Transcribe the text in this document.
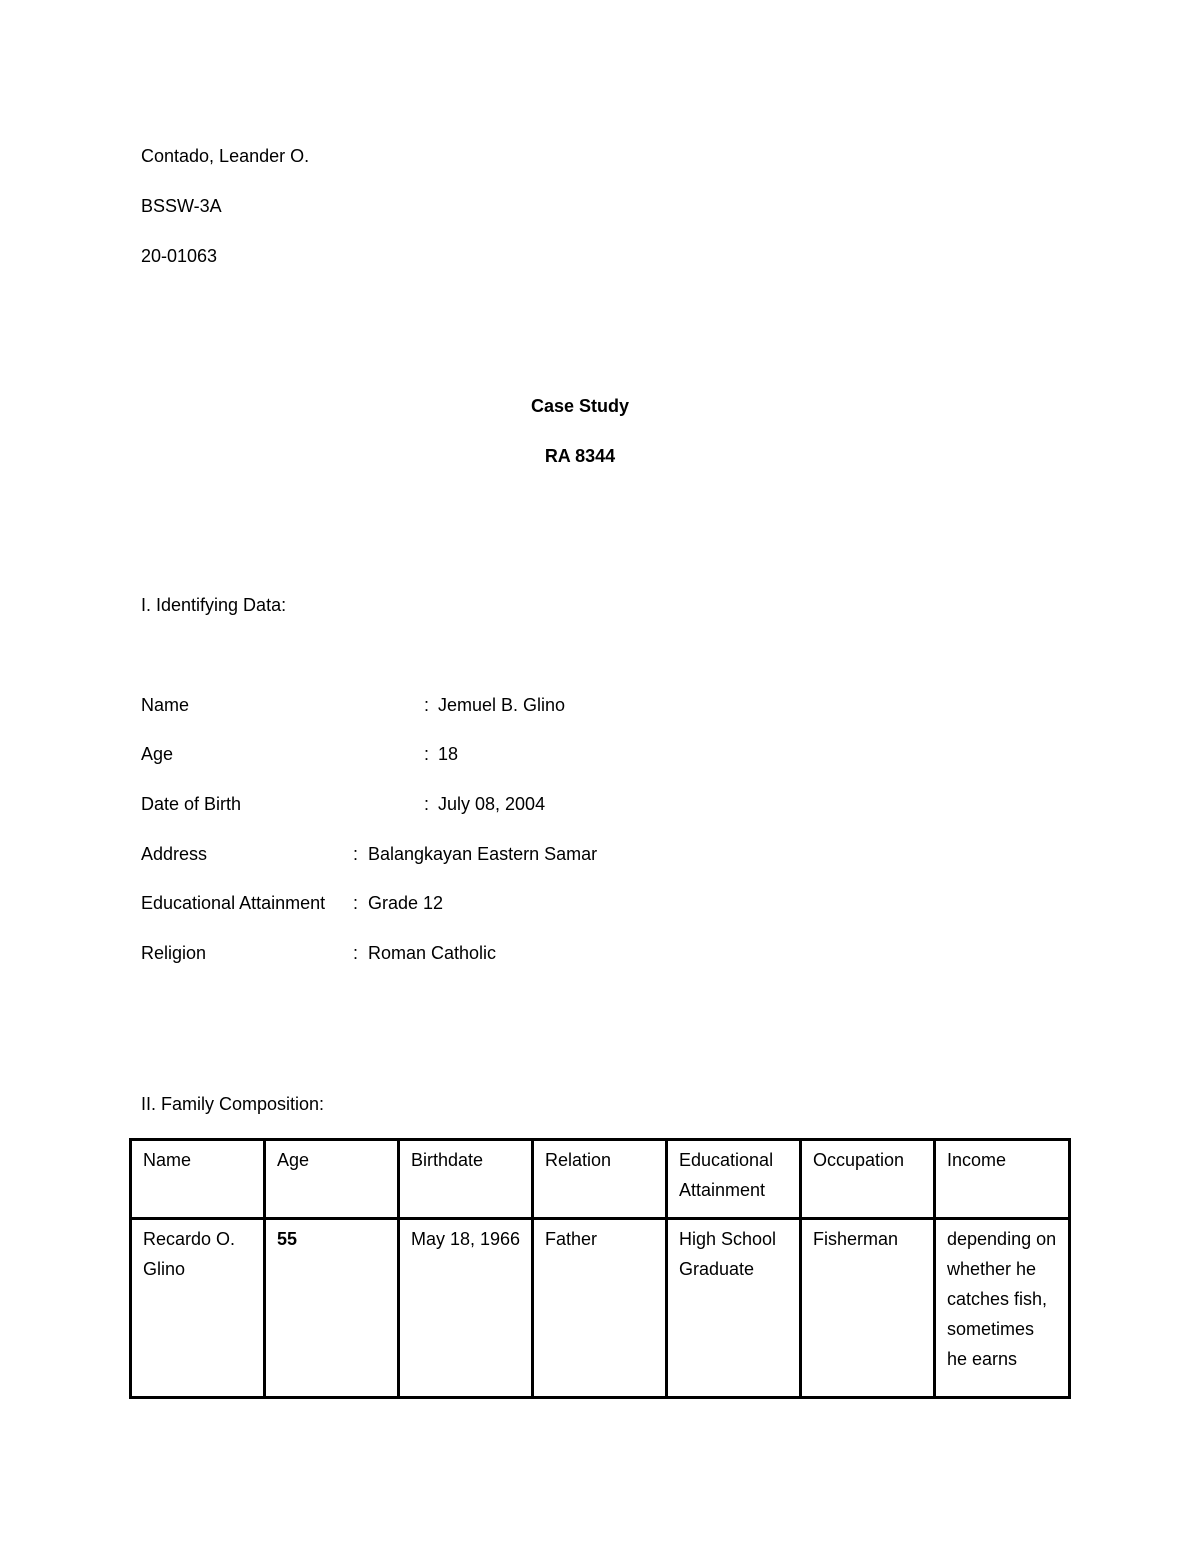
Contado, Leander O.
BSSW-3A
20-01063
Case Study
RA 8344
I. Identifying Data:
Name	: Jemuel B. Glino
Age	: 18
Date of Birth	: July 08, 2004
Address	: Balangkayan Eastern Samar
Educational Attainment : Grade 12
Religion	: Roman Catholic
II. Family Composition:
Name	Age	Birthdate	Relation	Educational Attainment	Occupation	Income
Recardo O. Glino	55	May 18, 1966	Father	High School Graduate	Fisherman	depending on whether he catches fish, sometimes he earns
